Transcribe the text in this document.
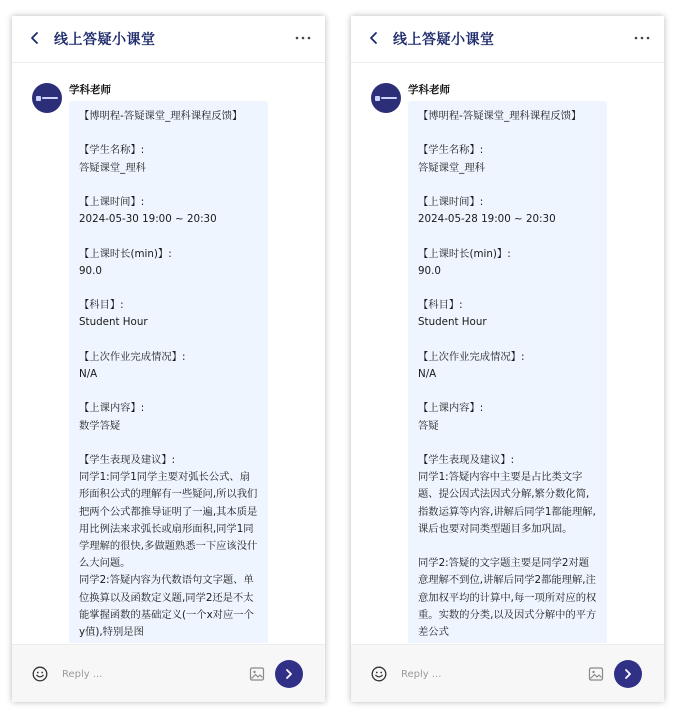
线上答疑小课堂
学科老师
【博明程-答疑课堂_理科课程反馈】

【学生名称】:
答疑课堂_理科

【上课时间】:
2024-05-30 19:00 ~ 20:30

【上课时长(min)】:
90.0

【科目】:
Student Hour

【上次作业完成情况】:
N/A

【上课内容】:
数学答疑

【学生表现及建议】:
同学1:同学1同学主要对弧长公式、扇形面积公式的理解有一些疑问,所以我们把两个公式都推导证明了一遍,其本质是用比例法来求弧长或扇形面积,同学1同学理解的很快,多做题熟悉一下应该没什么大问题。
同学2:答疑内容为代数语句文字题、单位换算以及函数定义题,同学2还是不太能掌握函数的基础定义(一个x对应一个y值),特别是图
Reply ...
线上答疑小课堂
学科老师
【博明程-答疑课堂_理科课程反馈】

【学生名称】:
答疑课堂_理科

【上课时间】:
2024-05-28 19:00 ~ 20:30

【上课时长(min)】:
90.0

【科目】:
Student Hour

【上次作业完成情况】:
N/A

【上课内容】:
答疑

【学生表现及建议】:
同学1:答疑内容中主要是占比类文字题、提公因式法因式分解,繁分数化简,指数运算等内容,讲解后同学1都能理解,课后也要对同类型题目多加巩固。

同学2:答疑的文字题主要是同学2对题意理解不到位,讲解后同学2都能理解,注意加权平均的计算中,每一项所对应的权重。实数的分类,以及因式分解中的平方差公式
Reply ...
